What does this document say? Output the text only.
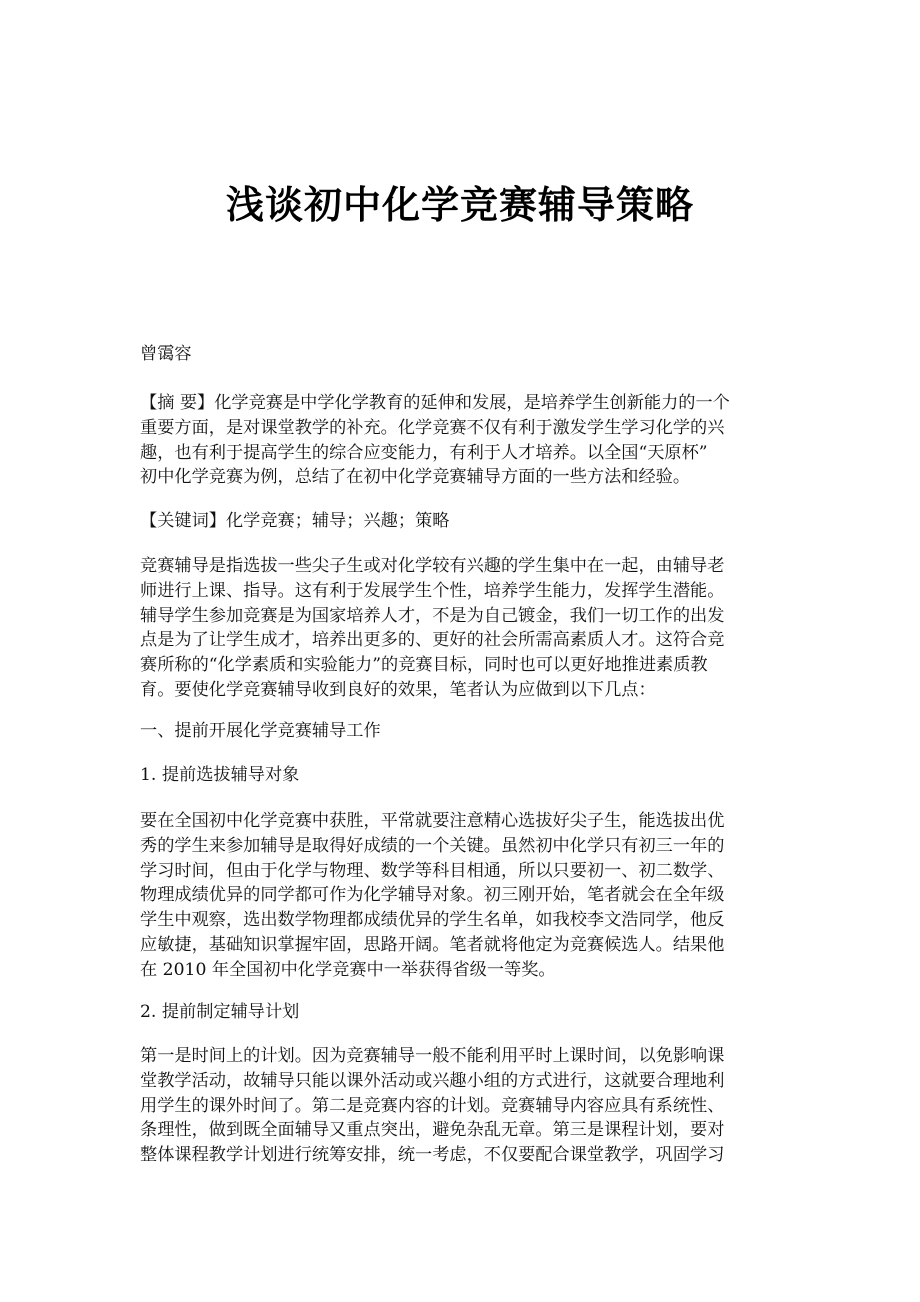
浅谈初中化学竞赛辅导策略
曾霭容
【摘 要】化学竞赛是中学化学教育的延伸和发展，是培养学生创新能力的一个
重要方面，是对课堂教学的补充。化学竞赛不仅有利于激发学生学习化学的兴
趣，也有利于提高学生的综合应变能力，有利于人才培养。以全国“天原杯”
初中化学竞赛为例，总结了在初中化学竞赛辅导方面的一些方法和经验。
【关键词】化学竞赛；辅导；兴趣；策略
竞赛辅导是指选拔一些尖子生或对化学较有兴趣的学生集中在一起，由辅导老
师进行上课、指导。这有利于发展学生个性，培养学生能力，发挥学生潜能。
辅导学生参加竞赛是为国家培养人才，不是为自己镀金，我们一切工作的出发
点是为了让学生成才，培养出更多的、更好的社会所需高素质人才。这符合竞
赛所称的“化学素质和实验能力”的竞赛目标，同时也可以更好地推进素质教
育。要使化学竞赛辅导收到良好的效果，笔者认为应做到以下几点：
一、提前开展化学竞赛辅导工作
1. 提前选拔辅导对象
要在全国初中化学竞赛中获胜，平常就要注意精心选拔好尖子生，能选拔出优
秀的学生来参加辅导是取得好成绩的一个关键。虽然初中化学只有初三一年的
学习时间，但由于化学与物理、数学等科目相通，所以只要初一、初二数学、
物理成绩优异的同学都可作为化学辅导对象。初三刚开始，笔者就会在全年级
学生中观察，选出数学物理都成绩优异的学生名单，如我校李文浩同学，他反
应敏捷，基础知识掌握牢固，思路开阔。笔者就将他定为竞赛候选人。结果他
在 2010 年全国初中化学竞赛中一举获得省级一等奖。
2. 提前制定辅导计划
第一是时间上的计划。因为竞赛辅导一般不能利用平时上课时间，以免影响课
堂教学活动，故辅导只能以课外活动或兴趣小组的方式进行，这就要合理地利
用学生的课外时间了。第二是竞赛内容的计划。竞赛辅导内容应具有系统性、
条理性，做到既全面辅导又重点突出，避免杂乱无章。第三是课程计划，要对
整体课程教学计划进行统筹安排，统一考虑，不仅要配合课堂教学，巩固学习
